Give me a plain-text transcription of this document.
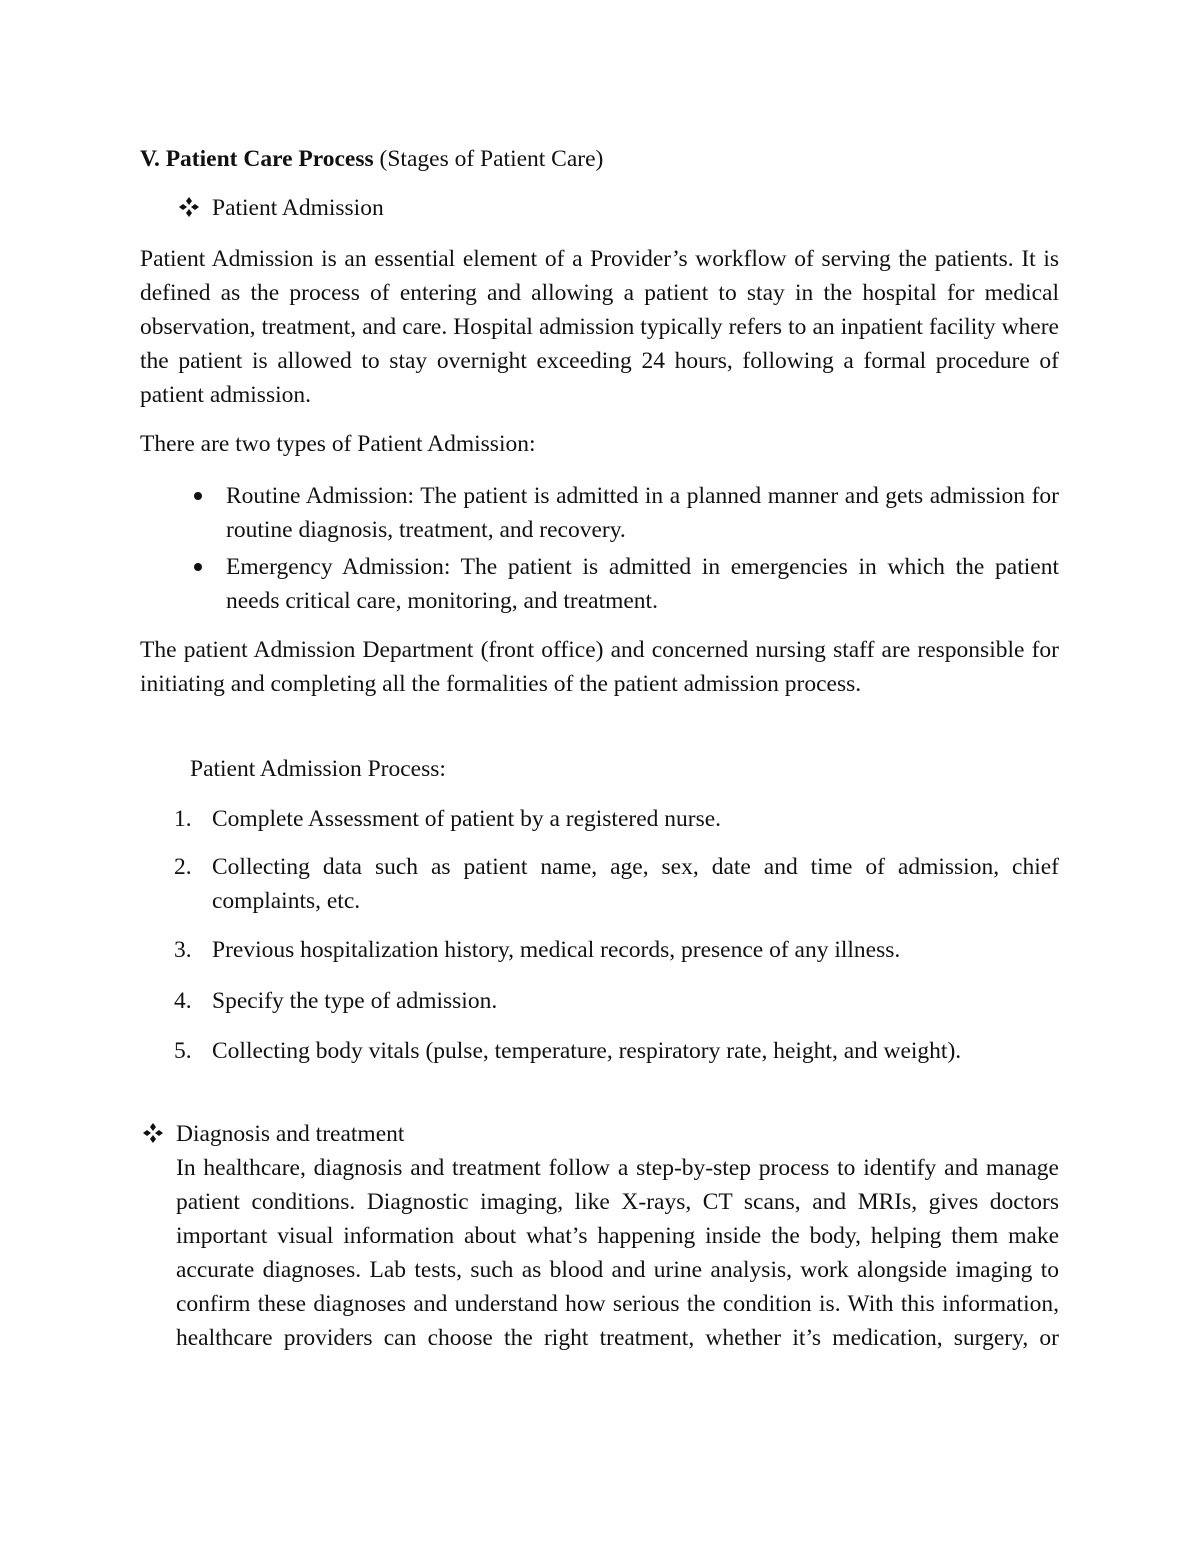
V. Patient Care Process (Stages of Patient Care)
Patient Admission

Patient Admission is an essential element of a Provider’s workflow of serving the patients. It is defined as the process of entering and allowing a patient to stay in the hospital for medical observation, treatment, and care. Hospital admission typically refers to an inpatient facility where the patient is allowed to stay overnight exceeding 24 hours, following a formal procedure of patient admission.

There are two types of Patient Admission:

Routine Admission: The patient is admitted in a planned manner and gets admission for routine diagnosis, treatment, and recovery.

Emergency Admission: The patient is admitted in emergencies in which the patient needs critical care, monitoring, and treatment.

The patient Admission Department (front office) and concerned nursing staff are responsible for initiating and completing all the formalities of the patient admission process.

Patient Admission Process:

1. Complete Assessment of patient by a registered nurse.

2. Collecting data such as patient name, age, sex, date and time of admission, chief complaints, etc.

3. Previous hospitalization history, medical records, presence of any illness.

4. Specify the type of admission.

5. Collecting body vitals (pulse, temperature, respiratory rate, height, and weight).

Diagnosis and treatment

In healthcare, diagnosis and treatment follow a step-by-step process to identify and manage patient conditions. Diagnostic imaging, like X-rays, CT scans, and MRIs, gives doctors important visual information about what’s happening inside the body, helping them make accurate diagnoses. Lab tests, such as blood and urine analysis, work alongside imaging to confirm these diagnoses and understand how serious the condition is. With this information, healthcare providers can choose the right treatment, whether it’s medication, surgery, or
